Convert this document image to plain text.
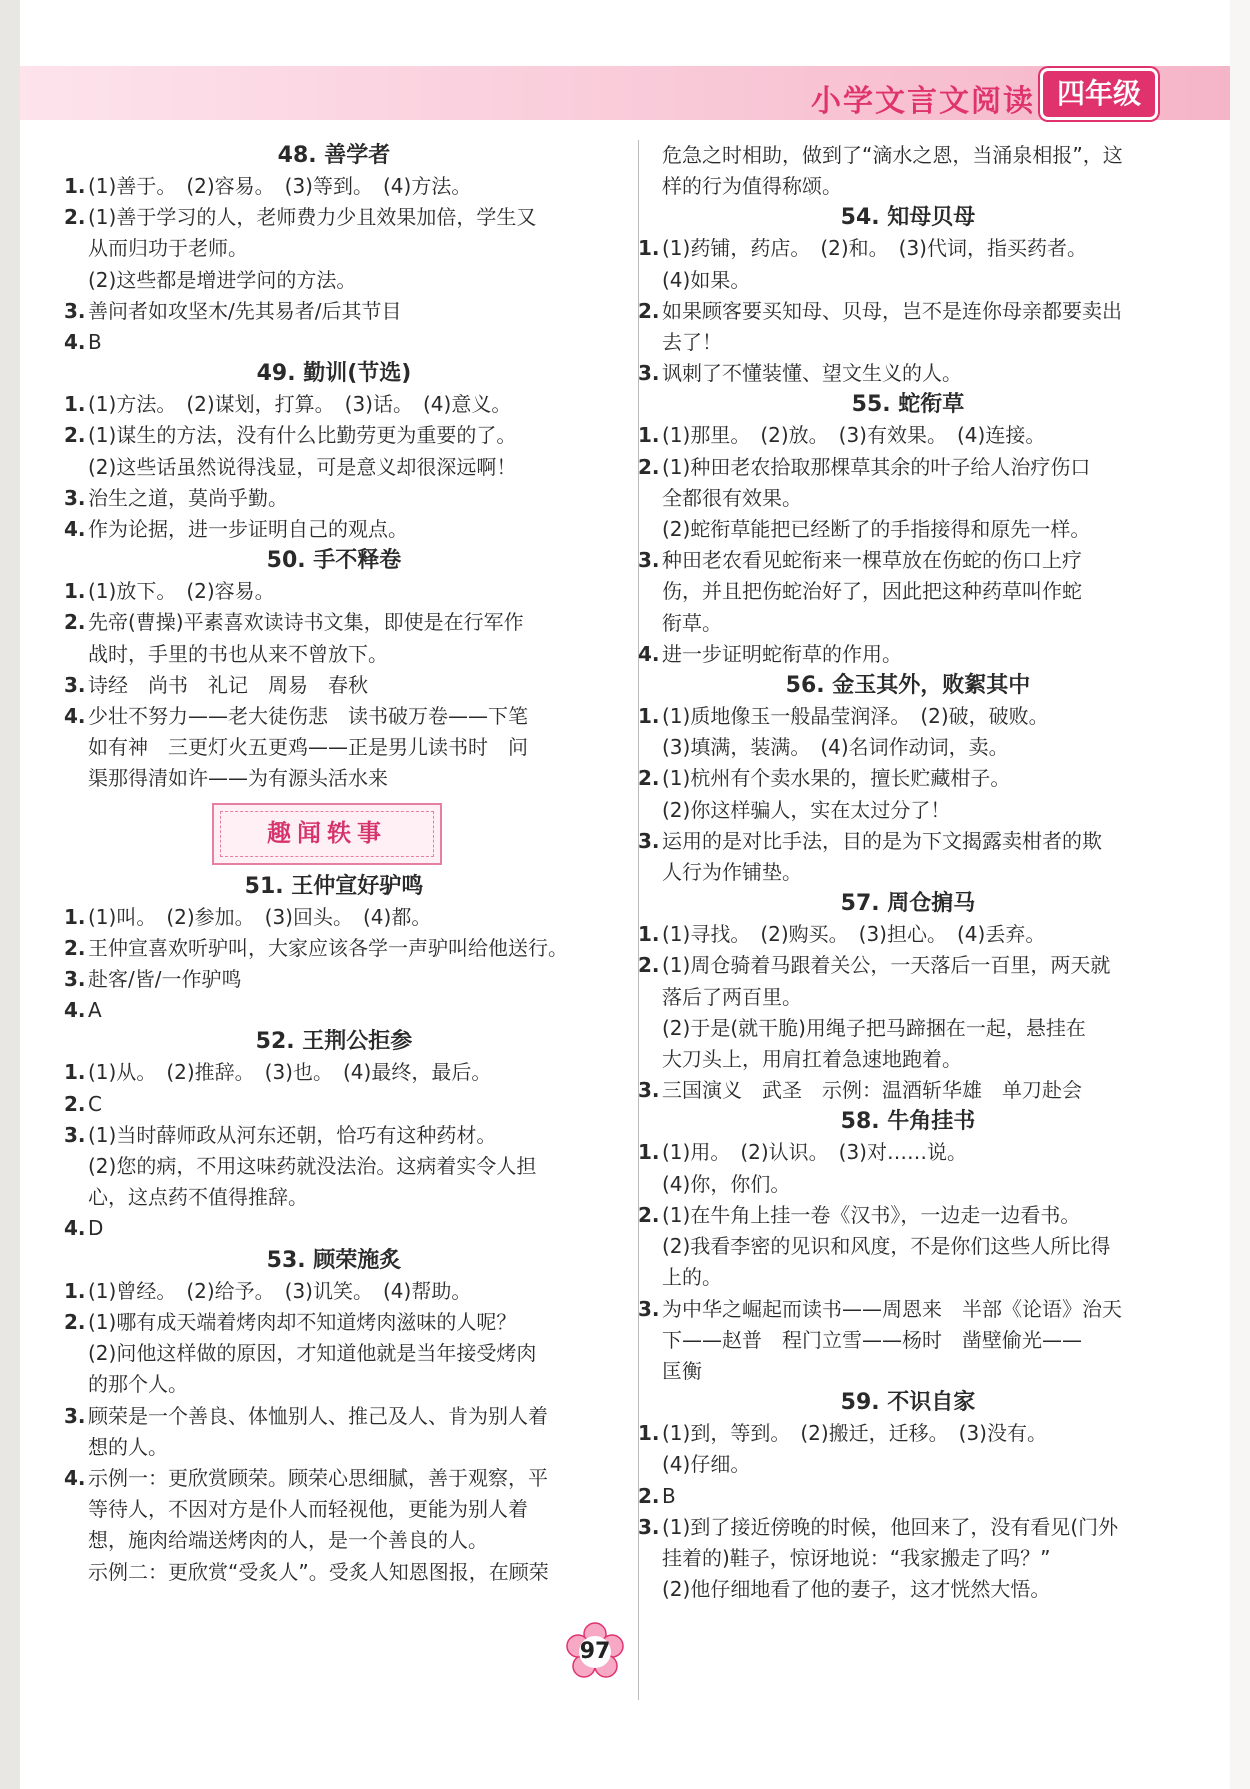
小学文言文阅读 四年级

48. 善学者

1. (1)善于。　(2)容易。　(3)等到。　(4)方法。

2. (1)善于学习的人，老师费力少且效果加倍，学生又

从而归功于老师。

(2)这些都是增进学问的方法。

3. 善问者如攻坚木/先其易者/后其节目

4. B

49. 勤训(节选)

1. (1)方法。　(2)谋划，打算。　(3)话。　(4)意义。

2. (1)谋生的方法，没有什么比勤劳更为重要的了。

(2)这些话虽然说得浅显，可是意义却很深远啊！

3. 治生之道，莫尚乎勤。

4. 作为论据，进一步证明自己的观点。

50. 手不释卷

1. (1)放下。　(2)容易。

2. 先帝(曹操)平素喜欢读诗书文集，即使是在行军作

战时，手里的书也从来不曾放下。

3. 诗经　尚书　礼记　周易　春秋

4. 少壮不努力——老大徒伤悲　读书破万卷——下笔

如有神　三更灯火五更鸡——正是男儿读书时　问

渠那得清如许——为有源头活水来

趣闻轶事

51. 王仲宣好驴鸣

1. (1)叫。　(2)参加。　(3)回头。　(4)都。

2. 王仲宣喜欢听驴叫，大家应该各学一声驴叫给他送行。

3. 赴客/皆/一作驴鸣

4. A

52. 王荆公拒参

1. (1)从。　(2)推辞。　(3)也。　(4)最终，最后。

2. C

3. (1)当时薛师政从河东还朝，恰巧有这种药材。

(2)您的病，不用这味药就没法治。这病着实令人担

心，这点药不值得推辞。

4. D

53. 顾荣施炙

1. (1)曾经。　(2)给予。　(3)讥笑。　(4)帮助。

2. (1)哪有成天端着烤肉却不知道烤肉滋味的人呢？

(2)问他这样做的原因，才知道他就是当年接受烤肉

的那个人。

3. 顾荣是一个善良、体恤别人、推己及人、肯为别人着

想的人。

4. 示例一：更欣赏顾荣。顾荣心思细腻，善于观察，平

等待人，不因对方是仆人而轻视他，更能为别人着

想，施肉给端送烤肉的人，是一个善良的人。

示例二：更欣赏“受炙人”。受炙人知恩图报，在顾荣

危急之时相助，做到了“滴水之恩，当涌泉相报”，这

样的行为值得称颂。

54. 知母贝母

1. (1)药铺，药店。　(2)和。　(3)代词，指买药者。

(4)如果。

2. 如果顾客要买知母、贝母，岂不是连你母亲都要卖出

去了！

3. 讽刺了不懂装懂、望文生义的人。

55. 蛇衔草

1. (1)那里。　(2)放。　(3)有效果。　(4)连接。

2. (1)种田老农拾取那棵草其余的叶子给人治疗伤口

全都很有效果。

(2)蛇衔草能把已经断了的手指接得和原先一样。

3. 种田老农看见蛇衔来一棵草放在伤蛇的伤口上疗

伤，并且把伤蛇治好了，因此把这种药草叫作蛇

衔草。

4. 进一步证明蛇衔草的作用。

56. 金玉其外，败絮其中

1. (1)质地像玉一般晶莹润泽。　(2)破，破败。

(3)填满，装满。　(4)名词作动词，卖。

2. (1)杭州有个卖水果的，擅长贮藏柑子。

(2)你这样骗人，实在太过分了！

3. 运用的是对比手法，目的是为下文揭露卖柑者的欺

人行为作铺垫。

57. 周仓掮马

1. (1)寻找。　(2)购买。　(3)担心。　(4)丢弃。

2. (1)周仓骑着马跟着关公，一天落后一百里，两天就

落后了两百里。

(2)于是(就干脆)用绳子把马蹄捆在一起，悬挂在

大刀头上，用肩扛着急速地跑着。

3. 三国演义　武圣　示例：温酒斩华雄　单刀赴会

58. 牛角挂书

1. (1)用。　(2)认识。　(3)对……说。

(4)你，你们。

2. (1)在牛角上挂一卷《汉书》，一边走一边看书。

(2)我看李密的见识和风度，不是你们这些人所比得

上的。

3. 为中华之崛起而读书——周恩来　半部《论语》治天

下——赵普　程门立雪——杨时　凿壁偷光——

匡衡

59. 不识自家

1. (1)到，等到。　(2)搬迁，迁移。　(3)没有。

(4)仔细。

2. B

3. (1)到了接近傍晚的时候，他回来了，没有看见(门外

挂着的)鞋子，惊讶地说：“我家搬走了吗？”

(2)他仔细地看了他的妻子，这才恍然大悟。

97
